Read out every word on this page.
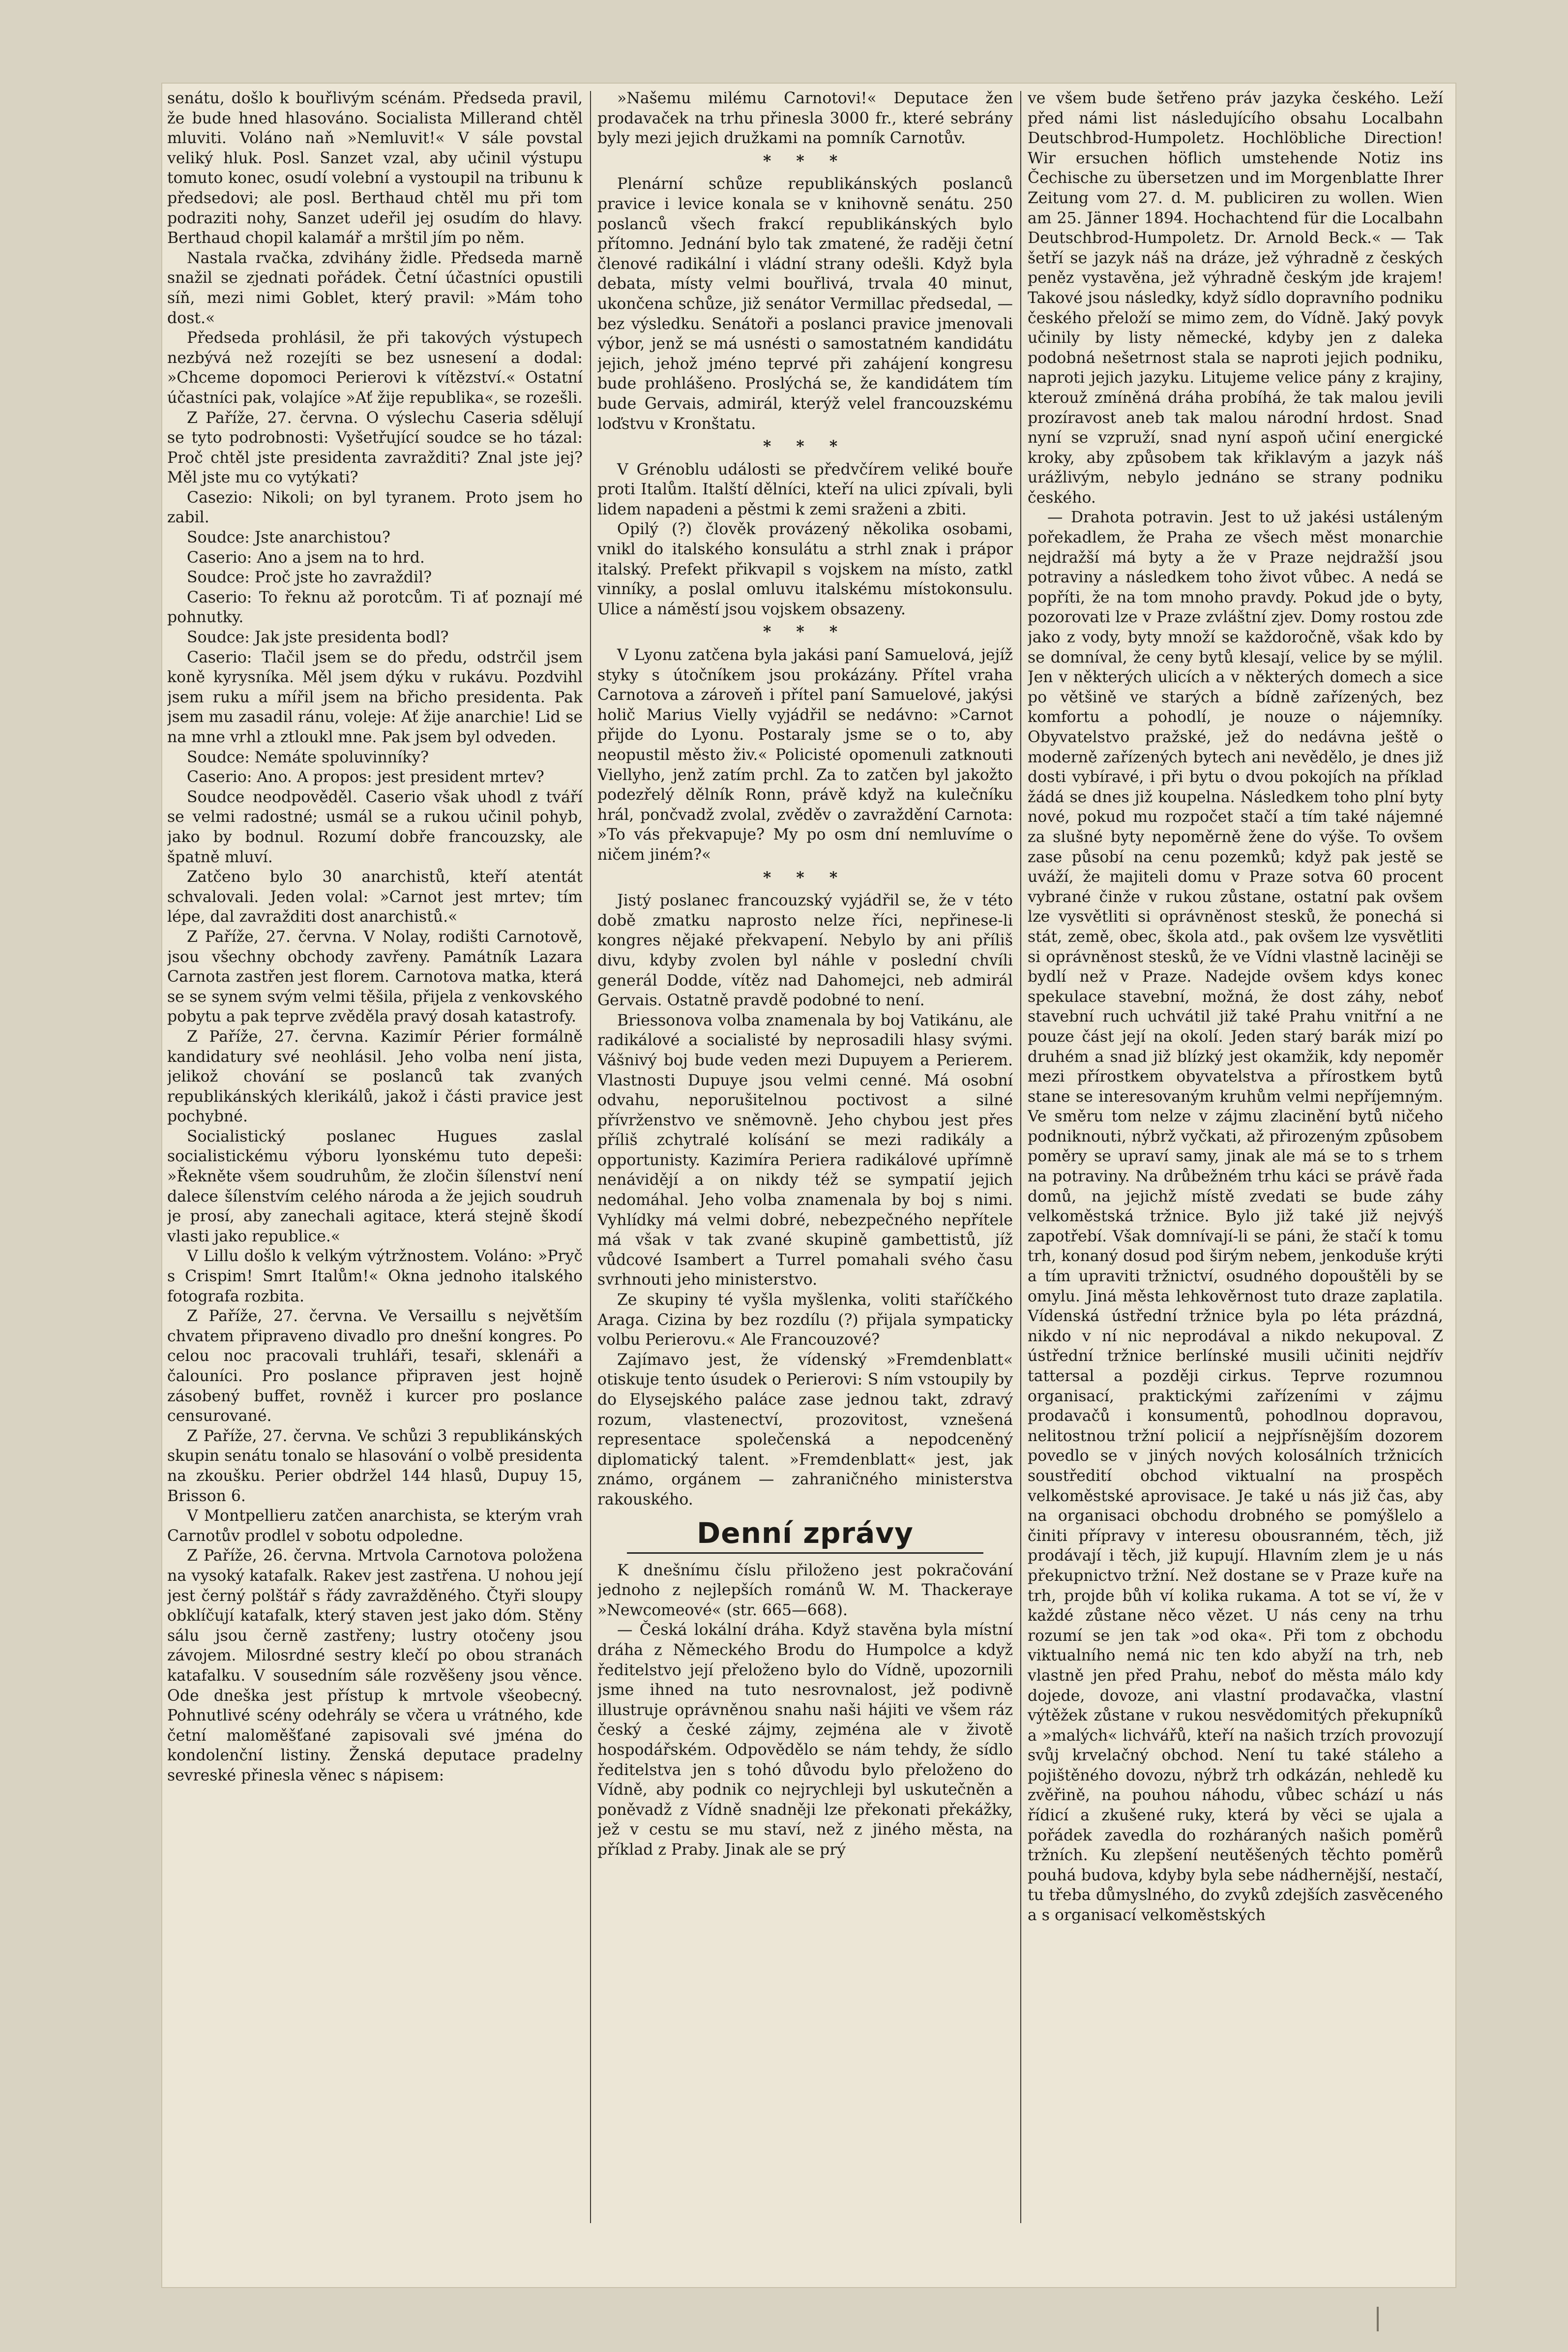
senátu, došlo k bouřlivým scénám. Předseda pravil, že bude hned hlasováno. Socialista Millerand chtěl mluviti. Voláno naň »Nemluvit!« V sále povstal veliký hluk. Posl. Sanzet vzal, aby učinil výstupu tomuto konec, osudí volební a vystoupil na tribunu k předsedovi; ale posl. Berthaud chtěl mu při tom podraziti nohy, Sanzet udeřil jej osudím do hlavy. Berthaud chopil kalamář a mrštil jím po něm.

Nastala rvačka, zdvihány židle. Předseda marně snažil se zjednati pořádek. Četní účastníci opustili síň, mezi nimi Goblet, který pravil: »Mám toho dost.«

Předseda prohlásil, že při takových výstupech nezbývá než rozejíti se bez usnesení a dodal: »Chceme dopomoci Perierovi k vítězství.« Ostatní účastníci pak, volajíce »Ať žije republika«, se rozešli.

Z Paříže, 27. června. O výslechu Caseria sdělují se tyto podrobnosti: Vyšetřující soudce se ho tázal: Proč chtěl jste presidenta zavražditi? Znal jste jej? Měl jste mu co vytýkati?

Casezio: Nikoli; on byl tyranem. Proto jsem ho zabil.

Soudce: Jste anarchistou?

Caserio: Ano a jsem na to hrd.

Soudce: Proč jste ho zavraždil?

Caserio: To řeknu až porotcům. Ti ať poznají mé pohnutky.

Soudce: Jak jste presidenta bodl?

Caserio: Tlačil jsem se do předu, odstrčil jsem koně kyrysníka. Měl jsem dýku v rukávu. Pozdvihl jsem ruku a mířil jsem na břicho presidenta. Pak jsem mu zasadil ránu, voleje: Ať žije anarchie! Lid se na mne vrhl a ztloukl mne. Pak jsem byl odveden.

Soudce: Nemáte spoluvinníky?

Caserio: Ano. A propos: jest president mrtev?

Soudce neodpověděl. Caserio však uhodl z tváří se velmi radostné; usmál se a rukou učinil pohyb, jako by bodnul. Rozumí dobře francouzsky, ale špatně mluví.

Zatčeno bylo 30 anarchistů, kteří atentát schvalovali. Jeden volal: »Carnot jest mrtev; tím lépe, dal zavražditi dost anarchistů.«

Z Paříže, 27. června. V Nolay, rodišti Carnotově, jsou všechny obchody zavřeny. Památník Lazara Carnota zastřen jest florem. Carnotova matka, která se se synem svým velmi těšila, přijela z venkovského pobytu a pak teprve zvěděla pravý dosah katastrofy.

Z Paříže, 27. června. Kazimír Périer formálně kandidatury své neohlásil. Jeho volba není jista, jelikož chování se poslanců tak zvaných republikánských klerikálů, jakož i části pravice jest pochybné.

Socialistický poslanec Hugues zaslal socialistickému výboru lyonskému tuto depeši: »Řekněte všem soudruhům, že zločin šílenství není dalece šílenstvím celého národa a že jejich soudruh je prosí, aby zanechali agitace, která stejně škodí vlasti jako republice.«

V Lillu došlo k velkým výtržnostem. Voláno: »Pryč s Crispim! Smrt Italům!« Okna jednoho italského fotografa rozbita.

Z Paříže, 27. června. Ve Versaillu s největším chvatem připraveno divadlo pro dnešní kongres. Po celou noc pracovali truhláři, tesaři, sklenáři a čalouníci. Pro poslance připraven jest hojně zásobený buffet, rovněž i kurcer pro poslance censurované.

Z Paříže, 27. června. Ve schůzi 3 republikánských skupin senátu tonalo se hlasování o volbě presidenta na zkoušku. Perier obdržel 144 hlasů, Dupuy 15, Brisson 6.

V Montpellieru zatčen anarchista, se kterým vrah Carnotův prodlel v sobotu odpoledne.

Z Paříže, 26. června. Mrtvola Carnotova položena na vysoký katafalk. Rakev jest zastřena. U nohou její jest černý polštář s řády zavražděného. Čtyři sloupy obklíčují katafalk, který staven jest jako dóm. Stěny sálu jsou černě zastřeny; lustry otočeny jsou závojem. Milosrdné sestry klečí po obou stranách katafalku. V sousedním sále rozvěšeny jsou věnce. Ode dneška jest přístup k mrtvole všeobecný. Pohnutlivé scény odehrály se včera u vrátného, kde četní maloměšťané zapisovali své jména do kondolenční listiny. Ženská deputace pradelny sevreské přinesla věnec s nápisem:

»Našemu milému Carnotovi!« Deputace žen prodavaček na trhu přinesla 3000 fr., které sebrány byly mezi jejich družkami na pomník Carnotův.

* * *

Plenární schůze republikánských poslanců pravice i levice konala se v knihovně senátu. 250 poslanců všech frakcí republikánských bylo přítomno. Jednání bylo tak zmatené, že raději četní členové radikální i vládní strany odešli. Když byla debata, místy velmi bouřlivá, trvala 40 minut, ukončena schůze, již senátor Vermillac předsedal, — bez výsledku. Senátoři a poslanci pravice jmenovali výbor, jenž se má usnésti o samostatném kandidátu jejich, jehož jméno teprvé při zahájení kongresu bude prohlášeno. Proslýchá se, že kandidátem tím bude Gervais, admirál, kterýž velel francouzskému loďstvu v Kronštatu.

* * *

V Grénoblu události se předvčírem veliké bouře proti Italům. Italští dělníci, kteří na ulici zpívali, byli lidem napadeni a pěstmi k zemi sraženi a zbiti.

Opilý (?) člověk provázený několika osobami, vnikl do italského konsulátu a strhl znak i prápor italský. Prefekt přikvapil s vojskem na místo, zatkl vinníky, a poslal omluvu italskému místokonsulu. Ulice a náměstí jsou vojskem obsazeny.

* * *

V Lyonu zatčena byla jakási paní Samuelová, jejíž styky s útočníkem jsou prokázány. Přítel vraha Carnotova a zároveň i přítel paní Samuelové, jakýsi holič Marius Vielly vyjádřil se nedávno: »Carnot přijde do Lyonu. Postaraly jsme se o to, aby neopustil město živ.« Policisté opomenuli zatknouti Viellyho, jenž zatím prchl. Za to zatčen byl jakožto podezřelý dělník Ronn, právě když na kulečníku hrál, pončvadž zvolal, zvěděv o zavraždění Carnota: »To vás překvapuje? My po osm dní nemluvíme o ničem jiném?«

* * *

Jistý poslanec francouzský vyjádřil se, že v této době zmatku naprosto nelze říci, nepřinese-li kongres nějaké překvapení. Nebylo by ani příliš divu, kdyby zvolen byl náhle v poslední chvíli generál Dodde, vítěz nad Dahomejci, neb admirál Gervais. Ostatně pravdě podobné to není.

Briessonova volba znamenala by boj Vatikánu, ale radikálové a socialisté by neprosadili hlasy svými. Vášnivý boj bude veden mezi Dupuyem a Perierem. Vlastnosti Dupuye jsou velmi cenné. Má osobní odvahu, neporušitelnou poctivost a silné přívrženstvo ve sněmovně. Jeho chybou jest přes příliš zchytralé kolísání se mezi radikály a opportunisty. Kazimíra Periera radikálové upřímně nenávidějí a on nikdy též se sympatií jejich nedomáhal. Jeho volba znamenala by boj s nimi. Vyhlídky má velmi dobré, nebezpečného nepřítele má však v tak zvané skupině gambettistů, jíž vůdcové Isambert a Turrel pomahali svého času svrhnouti jeho ministerstvo.

Ze skupiny té vyšla myšlenka, voliti staříčkého Araga. Cizina by bez rozdílu (?) přijala sympaticky volbu Perierovu.« Ale Francouzové?

Zajímavo jest, že vídenský »Fremdenblatt« otiskuje tento úsudek o Perierovi: S ním vstoupily by do Elysejského paláce zase jednou takt, zdravý rozum, vlastenectví, prozovitost, vznešená representace společenská a nepodceněný diplomatický talent. »Fremdenblatt« jest, jak známo, orgánem — zahraničného ministerstva rakouského.

Denní zprávy

K dnešnímu číslu přiloženo jest pokračování jednoho z nejlepších románů W. M. Thackeraye »Newcomeové« (str. 665—668).

— Česká lokální dráha. Když stavěna byla místní dráha z Německého Brodu do Humpolce a když ředitelstvo její přeloženo bylo do Vídně, upozornili jsme ihned na tuto nesrovnalost, jež podivně illustruje oprávněnou snahu naši hájiti ve všem ráz český a české zájmy, zejména ale v životě hospodářském. Odpovědělo se nám tehdy, že sídlo ředitelstva jen s tohó důvodu bylo přeloženo do Vídně, aby podnik co nejrychleji byl uskutečněn a poněvadž z Vídně snadněji lze překonati překážky, jež v cestu se mu staví, než z jiného města, na příklad z Praby. Jinak ale se prý

ve všem bude šetřeno práv jazyka českého. Leží před námi list následujícího obsahu Localbahn Deutschbrod-Humpoletz. Hochlöbliche Direction! Wir ersuchen höflich umstehende Notiz ins Čechische zu übersetzen und im Morgenblatte Ihrer Zeitung vom 27. d. M. publiciren zu wollen. Wien am 25. Jänner 1894. Hochachtend für die Localbahn Deutschbrod-Humpoletz. Dr. Arnold Beck.« — Tak šetří se jazyk náš na dráze, jež výhradně z českých peněz vystavěna, jež výhradně českým jde krajem! Takové jsou následky, když sídlo dopravního podniku českého přeloží se mimo zem, do Vídně. Jaký povyk učinily by listy německé, kdyby jen z daleka podobná nešetrnost stala se naproti jejich podniku, naproti jejich jazyku. Litujeme velice pány z krajiny, kterouž zmíněná dráha probíhá, že tak malou jevili prozíravost aneb tak malou národní hrdost. Snad nyní se vzpruží, snad nyní aspoň učiní energické kroky, aby způsobem tak křiklavým a jazyk náš urážlivým, nebylo jednáno se strany podniku českého.

— Drahota potravin. Jest to už jakési ustáleným pořekadlem, že Praha ze všech měst monarchie nejdražší má byty a že v Praze nejdražší jsou potraviny a následkem toho život vůbec. A nedá se popříti, že na tom mnoho pravdy. Pokud jde o byty, pozorovati lze v Praze zvláštní zjev. Domy rostou zde jako z vody, byty množí se každoročně, však kdo by se domníval, že ceny bytů klesají, velice by se mýlil. Jen v některých ulicích a v některých domech a sice po většině ve starých a bídně zařízených, bez komfortu a pohodlí, je nouze o nájemníky. Obyvatelstvo pražské, jež do nedávna ještě o moderně zařízených bytech ani nevědělo, je dnes již dosti vybíravé, i při bytu o dvou pokojích na příklad žádá se dnes již koupelna. Následkem toho plní byty nové, pokud mu rozpočet stačí a tím také nájemné za slušné byty nepoměrně žene do výše. To ovšem zase působí na cenu pozemků; když pak jestě se uváží, že majiteli domu v Praze sotva 60 procent vybrané činže v rukou zůstane, ostatní pak ovšem lze vysvětliti si oprávněnost stesků, že ponechá si stát, země, obec, škola atd., pak ovšem lze vysvětliti si oprávněnost stesků, že ve Vídni vlastně laciněji se bydlí než v Praze. Nadejde ovšem kdys konec spekulace stavební, možná, že dost záhy, neboť stavební ruch uchvátil již také Prahu vnitřní a ne pouze část její na okolí. Jeden starý barák mizí po druhém a snad již blízký jest okamžik, kdy nepoměr mezi přírostkem obyvatelstva a přírostkem bytů stane se interesovaným kruhům velmi nepříjemným. Ve směru tom nelze v zájmu zlacinění bytů ničeho podniknouti, nýbrž vyčkati, až přirozeným způsobem poměry se upraví samy, jinak ale má se to s trhem na potraviny. Na drůbežném trhu káci se právě řada domů, na jejichž místě zvedati se bude záhy velkoměstská tržnice. Bylo již také již nejvýš zapotřebí. Však domnívají-li se páni, že stačí k tomu trh, konaný dosud pod širým nebem, jenkoduše krýti a tím upraviti tržnictví, osudného dopouštěli by se omylu. Jiná města lehkověrnost tuto draze zaplatila. Vídenská ústřední tržnice byla po léta prázdná, nikdo v ní nic neprodával a nikdo nekupoval. Z ústřední tržnice berlínské musili učiniti nejdřív tattersal a později cirkus. Teprve rozumnou organisací, praktickými zařízeními v zájmu prodavačů i konsumentů, pohodlnou dopravou, nelitostnou tržní policií a nejpřísnějším dozorem povedlo se v jiných nových kolosálních tržnicích soustředití obchod viktualní na prospěch velkoměstské aprovisace. Je také u nás již čas, aby na organisaci obchodu drobného se pomýšlelo a činiti přípravy v interesu obousranném, těch, již prodávají i těch, již kupují. Hlavním zlem je u nás překupnictvo tržní. Než dostane se v Praze kuře na trh, projde bůh ví kolika rukama. A tot se ví, že v každé zůstane něco vězet. U nás ceny na trhu rozumí se jen tak »od oka«. Při tom z obchodu viktualního nemá nic ten kdo abyží na trh, neb vlastně jen před Prahu, neboť do města málo kdy dojede, dovoze, ani vlastní prodavačka, vlastní výtěžek zůstane v rukou nesvědomitých překupníků a »malých« lichvářů, kteří na našich trzích provozují svůj krvelačný obchod. Není tu také stáleho a pojištěného dovozu, nýbrž trh odkázán, nehledě ku zvěřině, na pouhou náhodu, vůbec schází u nás řídicí a zkušené ruky, která by věci se ujala a pořádek zavedla do rozháraných našich poměrů tržních. Ku zlepšení neutěšených těchto poměrů pouhá budova, kdyby byla sebe nádhernější, nestačí, tu třeba důmyslného, do zvyků zdejších zasvěceného a s organisací velkoměstských
